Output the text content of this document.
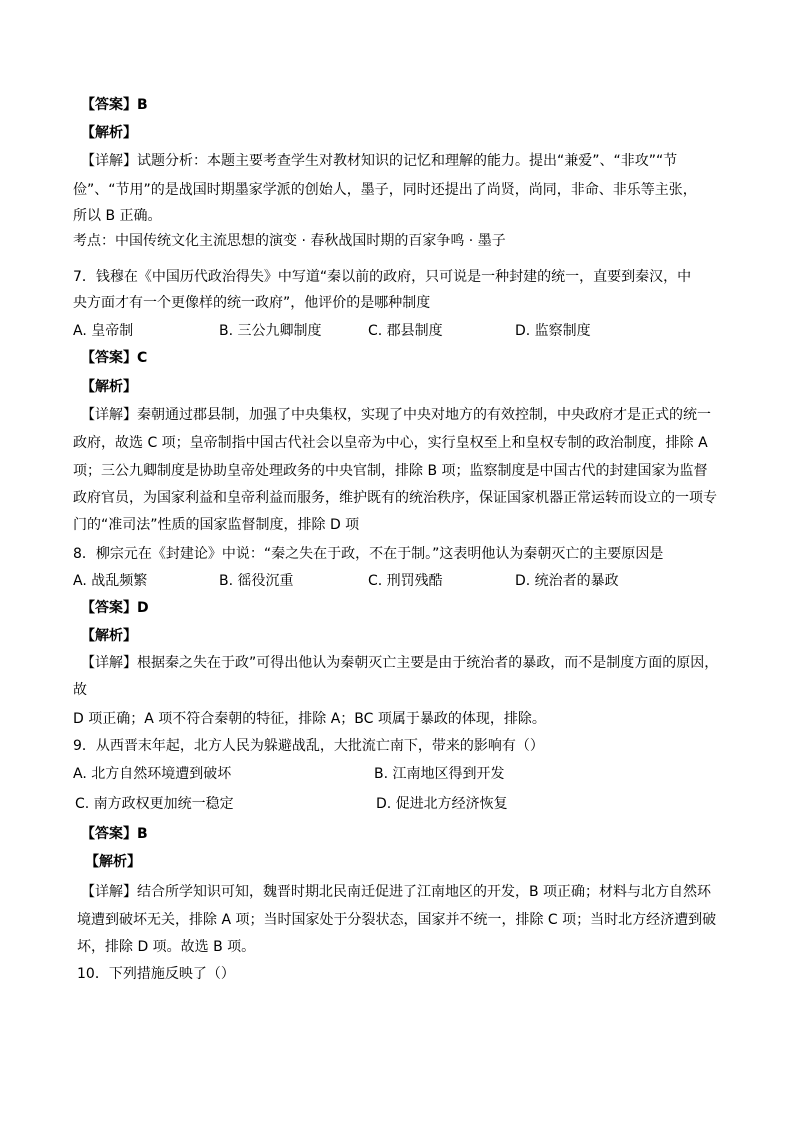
【答案】B
【解析】
【详解】试题分析：本题主要考查学生对教材知识的记忆和理解的能力。提出“兼爱”、“非攻”“节
俭”、“节用”的是战国时期墨家学派的创始人，墨子，同时还提出了尚贤，尚同，非命、非乐等主张，
所以 B 正确。
考点：中国传统文化主流思想的演变 · 春秋战国时期的百家争鸣 · 墨子
7．钱穆在《中国历代政治得失》中写道“秦以前的政府，只可说是一种封建的统一，直要到秦汉，中
央方面才有一个更像样的统一政府”，他评价的是哪种制度
A. 皇帝制	B. 三公九卿制度	C. 郡县制度	D. 监察制度
【答案】C
【解析】
【详解】秦朝通过郡县制，加强了中央集权，实现了中央对地方的有效控制，中央政府才是正式的统一
政府，故选 C 项；皇帝制指中国古代社会以皇帝为中心，实行皇权至上和皇权专制的政治制度，排除 A
项；三公九卿制度是协助皇帝处理政务的中央官制，排除 B 项；监察制度是中国古代的封建国家为监督
政府官员，为国家利益和皇帝利益而服务，维护既有的统治秩序，保证国家机器正常运转而设立的一项专
门的“准司法”性质的国家监督制度，排除 D 项
8．柳宗元在《封建论》中说：“秦之失在于政，不在于制。”这表明他认为秦朝灭亡的主要原因是
A. 战乱频繁	B. 徭役沉重	C. 刑罚残酷	D. 统治者的暴政
【答案】D
【解析】
【详解】根据秦之失在于政”可得出他认为秦朝灭亡主要是由于统治者的暴政，而不是制度方面的原因，
故
D 项正确；A 项不符合秦朝的特征，排除 A；BC 项属于暴政的体现，排除。
9．从西晋末年起，北方人民为躲避战乱，大批流亡南下，带来的影响有（）
A. 北方自然环境遭到破坏	B. 江南地区得到开发
C. 南方政权更加统一稳定	D. 促进北方经济恢复
【答案】B
【解析】
【详解】结合所学知识可知，魏晋时期北民南迁促进了江南地区的开发，B 项正确；材料与北方自然环
境遭到破坏无关，排除 A 项；当时国家处于分裂状态，国家并不统一，排除 C 项；当时北方经济遭到破
坏，排除 D 项。故选 B 项。
10．下列措施反映了（）
